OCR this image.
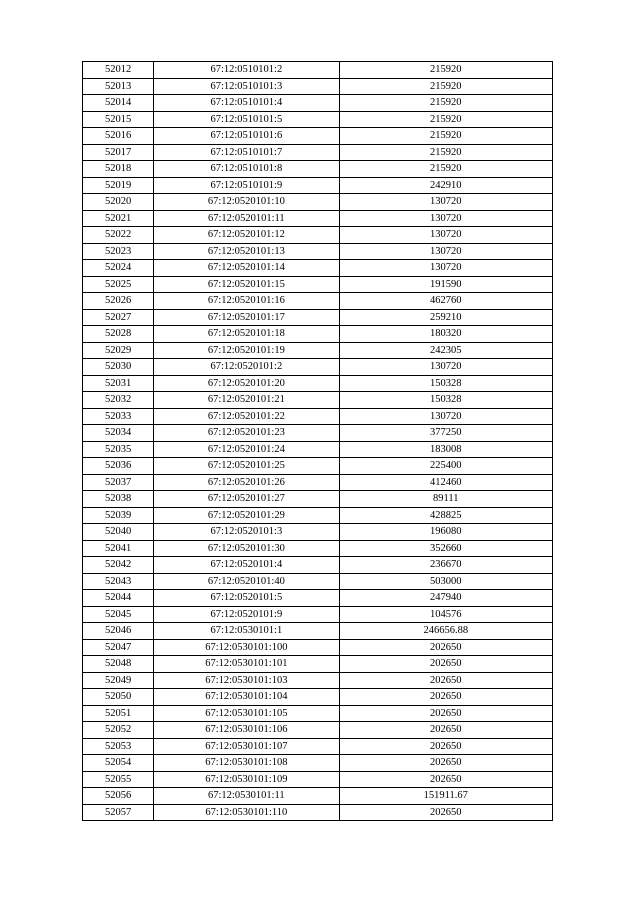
52012	67:12:0510101:2	215920
52013	67:12:0510101:3	215920
52014	67:12:0510101:4	215920
52015	67:12:0510101:5	215920
52016	67:12:0510101:6	215920
52017	67:12:0510101:7	215920
52018	67:12:0510101:8	215920
52019	67:12:0510101:9	242910
52020	67:12:0520101:10	130720
52021	67:12:0520101:11	130720
52022	67:12:0520101:12	130720
52023	67:12:0520101:13	130720
52024	67:12:0520101:14	130720
52025	67:12:0520101:15	191590
52026	67:12:0520101:16	462760
52027	67:12:0520101:17	259210
52028	67:12:0520101:18	180320
52029	67:12:0520101:19	242305
52030	67:12:0520101:2	130720
52031	67:12:0520101:20	150328
52032	67:12:0520101:21	150328
52033	67:12:0520101:22	130720
52034	67:12:0520101:23	377250
52035	67:12:0520101:24	183008
52036	67:12:0520101:25	225400
52037	67:12:0520101:26	412460
52038	67:12:0520101:27	89111
52039	67:12:0520101:29	428825
52040	67:12:0520101:3	196080
52041	67:12:0520101:30	352660
52042	67:12:0520101:4	236670
52043	67:12:0520101:40	503000
52044	67:12:0520101:5	247940
52045	67:12:0520101:9	104576
52046	67:12:0530101:1	246656.88
52047	67:12:0530101:100	202650
52048	67:12:0530101:101	202650
52049	67:12:0530101:103	202650
52050	67:12:0530101:104	202650
52051	67:12:0530101:105	202650
52052	67:12:0530101:106	202650
52053	67:12:0530101:107	202650
52054	67:12:0530101:108	202650
52055	67:12:0530101:109	202650
52056	67:12:0530101:11	151911.67
52057	67:12:0530101:110	202650
